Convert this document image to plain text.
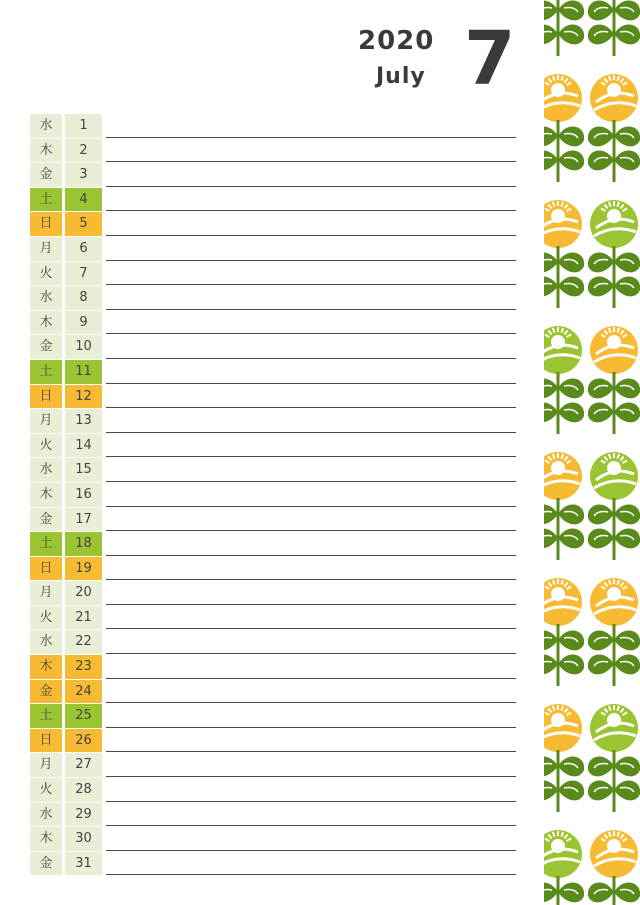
2020
July 7
水	1
木	2
金	3
土	4
日	5
月	6
火	7
水	8
木	9
金	10
土	11
日	12
月	13
火	14
水	15
木	16
金	17
土	18
日	19
月	20
火	21
水	22
木	23
金	24
土	25
日	26
月	27
火	28
水	29
木	30
金	31
